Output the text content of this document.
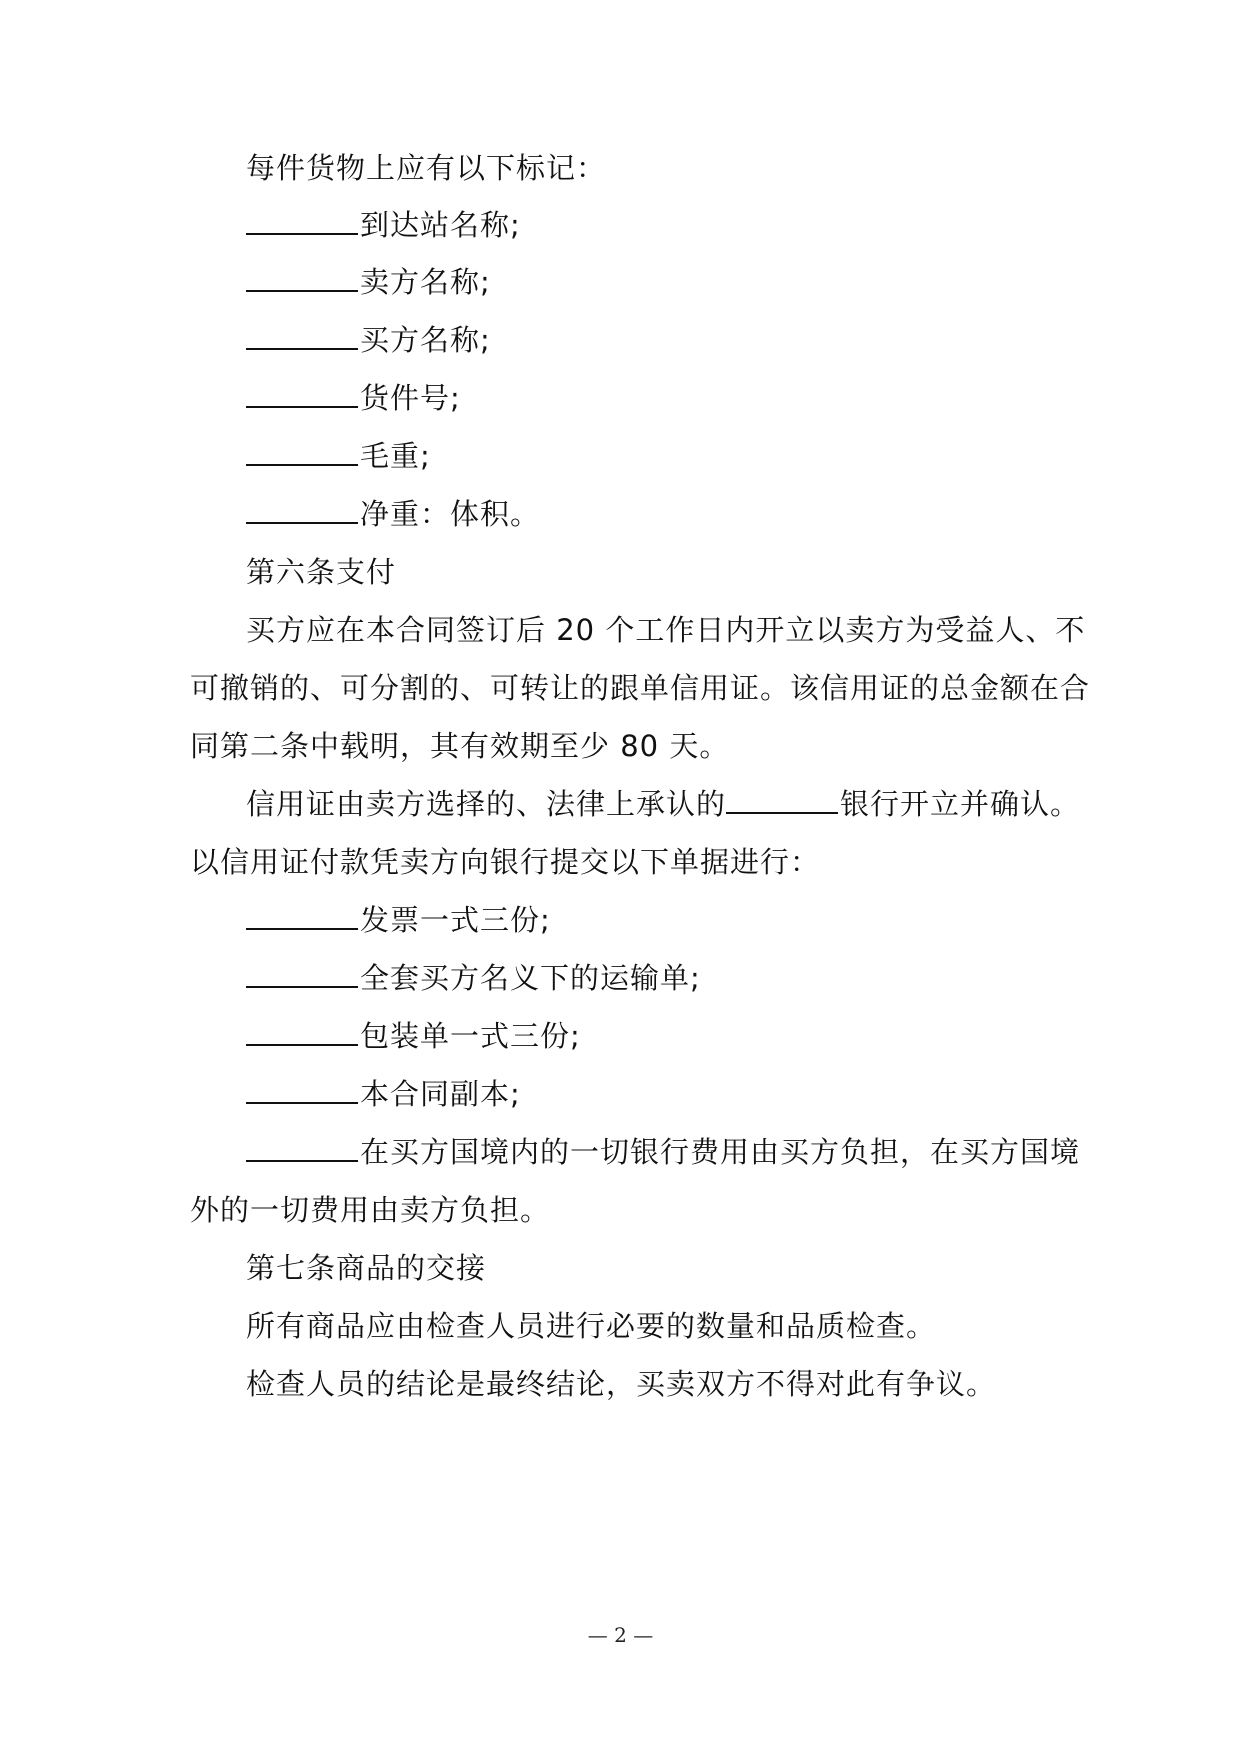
每件货物上应有以下标记：
到达站名称;
卖方名称;
买方名称;
货件号;
毛重;
净重：体积。
第六条支付
买方应在本合同签订后 20 个工作日内开立以卖方为受益人、不
可撤销的、可分割的、可转让的跟单信用证。该信用证的总金额在合
同第二条中载明，其有效期至少 80 天。
信用证由卖方选择的、法律上承认的	银行开立并确认。
以信用证付款凭卖方向银行提交以下单据进行：
发票一式三份;
全套买方名义下的运输单;
包装单一式三份;
本合同副本;
在买方国境内的一切银行费用由买方负担，在买方国境
外的一切费用由卖方负担。
第七条商品的交接
所有商品应由检查人员进行必要的数量和品质检查。
检查人员的结论是最终结论，买卖双方不得对此有争议。
— 2 —
